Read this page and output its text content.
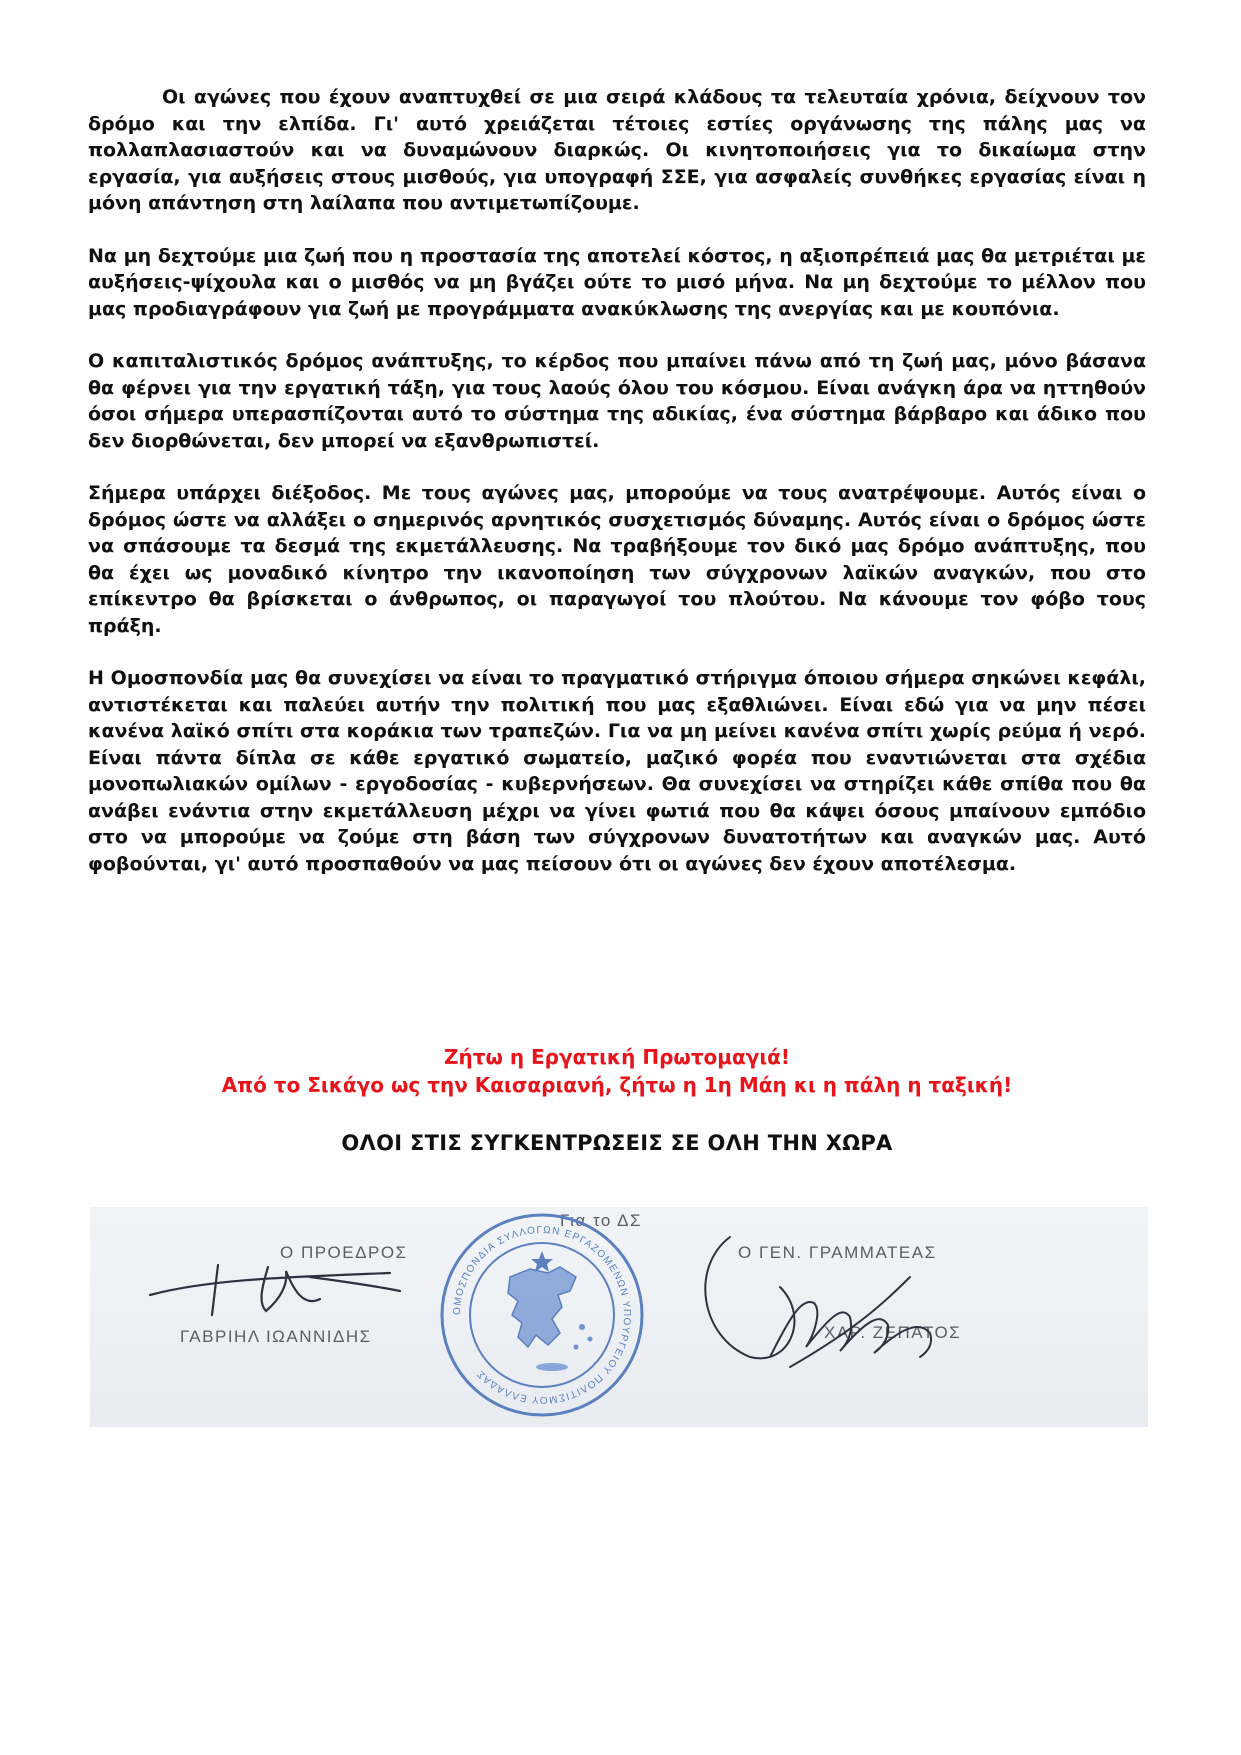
Οι αγώνες που έχουν αναπτυχθεί σε μια σειρά κλάδους τα τελευταία χρόνια, δείχνουν τον δρόμο και την ελπίδα. Γι' αυτό χρειάζεται τέτοιες εστίες οργάνωσης της πάλης μας να πολλαπλασιαστούν και να δυναμώνουν διαρκώς. Οι κινητοποιήσεις για το δικαίωμα στην εργασία, για αυξήσεις στους μισθούς, για υπογραφή ΣΣΕ, για ασφαλείς συνθήκες εργασίας είναι η μόνη απάντηση στη λαίλαπα που αντιμετωπίζουμε.

Να μη δεχτούμε μια ζωή που η προστασία της αποτελεί κόστος, η αξιοπρέπειά μας θα μετριέται με αυξήσεις-ψίχουλα και ο μισθός να μη βγάζει ούτε το μισό μήνα. Να μη δεχτούμε το μέλλον που μας προδιαγράφουν για ζωή με προγράμματα ανακύκλωσης της ανεργίας και με κουπόνια.

Ο καπιταλιστικός δρόμος ανάπτυξης, το κέρδος που μπαίνει πάνω από τη ζωή μας, μόνο βάσανα θα φέρνει για την εργατική τάξη, για τους λαούς όλου του κόσμου. Είναι ανάγκη άρα να ηττηθούν όσοι σήμερα υπερασπίζονται αυτό το σύστημα της αδικίας, ένα σύστημα βάρβαρο και άδικο που δεν διορθώνεται, δεν μπορεί να εξανθρωπιστεί.

Σήμερα υπάρχει διέξοδος. Με τους αγώνες μας, μπορούμε να τους ανατρέψουμε. Αυτός είναι ο δρόμος ώστε να αλλάξει ο σημερινός αρνητικός συσχετισμός δύναμης. Αυτός είναι ο δρόμος ώστε να σπάσουμε τα δεσμά της εκμετάλλευσης. Να τραβήξουμε τον δικό μας δρόμο ανάπτυξης, που θα έχει ως μοναδικό κίνητρο την ικανοποίηση των σύγχρονων λαϊκών αναγκών, που στο επίκεντρο θα βρίσκεται ο άνθρωπος, οι παραγωγοί του πλούτου. Να κάνουμε τον φόβο τους πράξη.

Η Ομοσπονδία μας θα συνεχίσει να είναι το πραγματικό στήριγμα όποιου σήμερα σηκώνει κεφάλι, αντιστέκεται και παλεύει αυτήν την πολιτική που μας εξαθλιώνει. Είναι εδώ για να μην πέσει κανένα λαϊκό σπίτι στα κοράκια των τραπεζών. Για να μη μείνει κανένα σπίτι χωρίς ρεύμα ή νερό. Είναι πάντα δίπλα σε κάθε εργατικό σωματείο, μαζικό φορέα που εναντιώνεται στα σχέδια μονοπωλιακών ομίλων - εργοδοσίας - κυβερνήσεων. Θα συνεχίσει να στηρίζει κάθε σπίθα που θα ανάβει ενάντια στην εκμετάλλευση μέχρι να γίνει φωτιά που θα κάψει όσους μπαίνουν εμπόδιο στο να μπορούμε να ζούμε στη βάση των σύγχρονων δυνατοτήτων και αναγκών μας. Αυτό φοβούνται, γι' αυτό προσπαθούν να μας πείσουν ότι οι αγώνες δεν έχουν αποτέλεσμα.

Ζήτω η Εργατική Πρωτομαγιά!
Από το Σικάγο ως την Καισαριανή, ζήτω η 1η Μάη κι η πάλη η ταξική!
ΟΛΟΙ ΣΤΙΣ ΣΥΓΚΕΝΤΡΩΣΕΙΣ ΣΕ ΟΛΗ ΤΗΝ ΧΩΡΑ
Για το ΔΣ
Ο ΠΡΟΕΔΡΟΣ	Ο ΓΕΝ. ΓΡΑΜΜΑΤΕΑΣ
ΓΑΒΡΙΗΛ ΙΩΑΝΝΙΔΗΣ	ΧΑΡ. ΖΕΠΑΤΟΣ
ΟΜΟΣΠΟΝΔΙΑ ΣΥΛΛΟΓΩΝ ΕΡΓΑΖΟΜΕΝΩΝ ΥΠΟΥΡΓΕΙΟΥ ΠΟΛΙΤΙΣΜΟΥ ΕΛΛΑΔΑΣ
